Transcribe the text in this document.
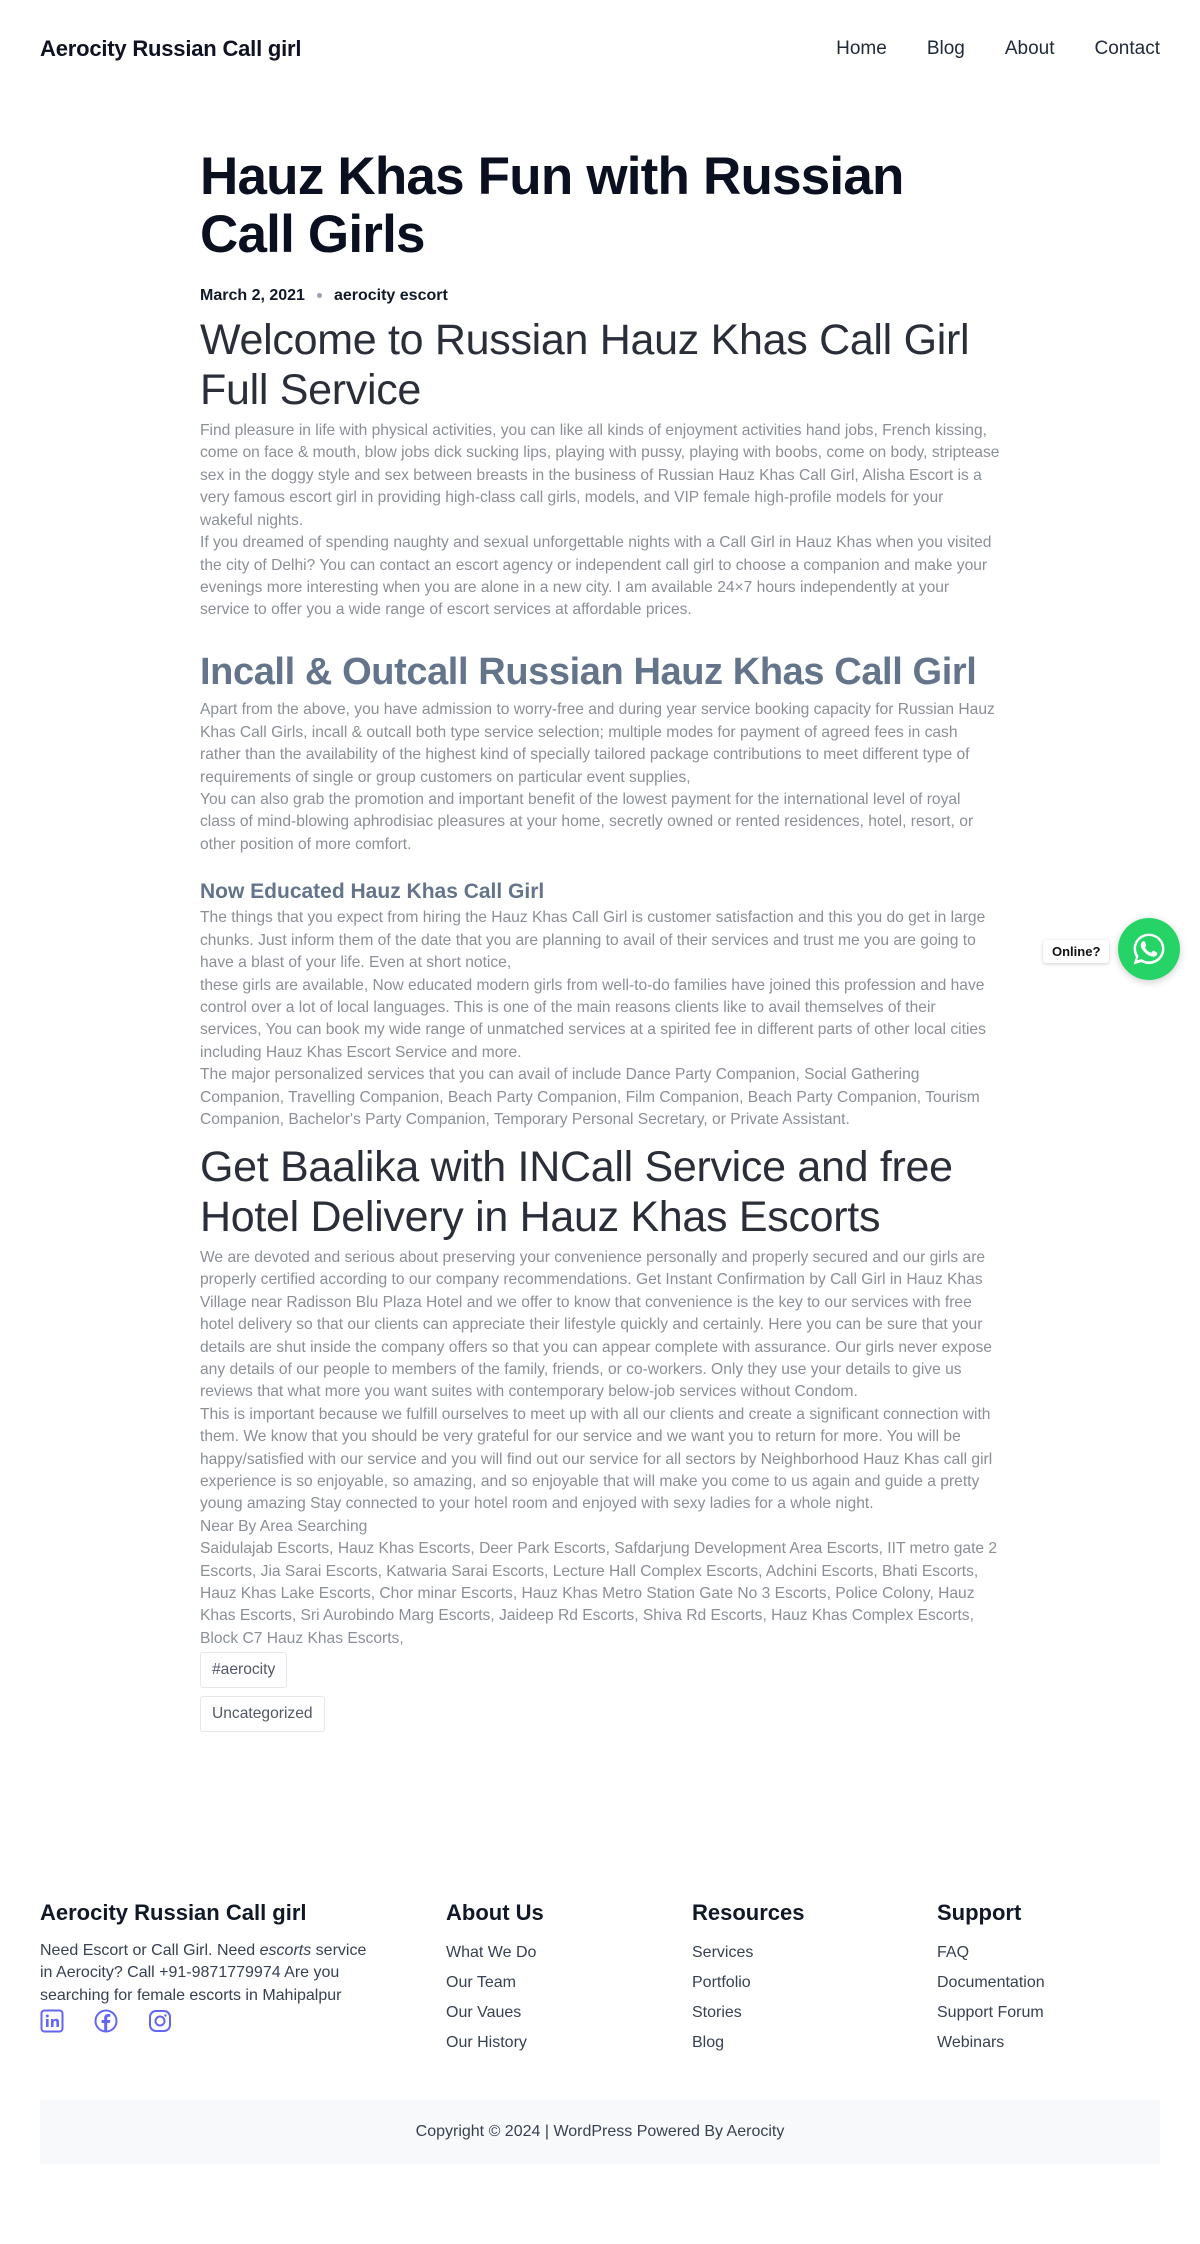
Aerocity Russian Call girl	Home Blog About Contact
Hauz Khas Fun with Russian Call Girls
March 2, 2021 aerocity escort
Welcome to Russian Hauz Khas Call Girl Full Service

Find pleasure in life with physical activities, you can like all kinds of enjoyment activities hand jobs, French kissing, come on face & mouth, blow jobs dick sucking lips, playing with pussy, playing with boobs, come on body, striptease sex in the doggy style and sex between breasts in the business of Russian Hauz Khas Call Girl, Alisha Escort is a very famous escort girl in providing high-class call girls, models, and VIP female high-profile models for your wakeful nights.

If you dreamed of spending naughty and sexual unforgettable nights with a Call Girl in Hauz Khas when you visited the city of Delhi? You can contact an escort agency or independent call girl to choose a companion and make your evenings more interesting when you are alone in a new city. I am available 24×7 hours independently at your service to offer you a wide range of escort services at affordable prices.

Incall & Outcall Russian Hauz Khas Call Girl

Apart from the above, you have admission to worry-free and during year service booking capacity for Russian Hauz Khas Call Girls, incall & outcall both type service selection; multiple modes for payment of agreed fees in cash rather than the availability of the highest kind of specially tailored package contributions to meet different type of requirements of single or group customers on particular event supplies,

You can also grab the promotion and important benefit of the lowest payment for the international level of royal class of mind-blowing aphrodisiac pleasures at your home, secretly owned or rented residences, hotel, resort, or other position of more comfort.

Now Educated Hauz Khas Call Girl

The things that you expect from hiring the Hauz Khas Call Girl is customer satisfaction and this you do get in large chunks. Just inform them of the date that you are planning to avail of their services and trust me you are going to have a blast of your life. Even at short notice,

these girls are available, Now educated modern girls from well-to-do families have joined this profession and have control over a lot of local languages. This is one of the main reasons clients like to avail themselves of their services, You can book my wide range of unmatched services at a spirited fee in different parts of other local cities including Hauz Khas Escort Service and more.

The major personalized services that you can avail of include Dance Party Companion, Social Gathering Companion, Travelling Companion, Beach Party Companion, Film Companion, Beach Party Companion, Tourism Companion, Bachelor's Party Companion, Temporary Personal Secretary, or Private Assistant.

Get Baalika with INCall Service and free Hotel Delivery in Hauz Khas Escorts

We are devoted and serious about preserving your convenience personally and properly secured and our girls are properly certified according to our company recommendations. Get Instant Confirmation by Call Girl in Hauz Khas Village near Radisson Blu Plaza Hotel and we offer to know that convenience is the key to our services with free hotel delivery so that our clients can appreciate their lifestyle quickly and certainly. Here you can be sure that your details are shut inside the company offers so that you can appear complete with assurance. Our girls never expose any details of our people to members of the family, friends, or co-workers. Only they use your details to give us reviews that what more you want suites with contemporary below-job services without Condom.

This is important because we fulfill ourselves to meet up with all our clients and create a significant connection with them. We know that you should be very grateful for our service and we want you to return for more. You will be happy/satisfied with our service and you will find out our service for all sectors by Neighborhood Hauz Khas call girl experience is so enjoyable, so amazing, and so enjoyable that will make you come to us again and guide a pretty young amazing Stay connected to your hotel room and enjoyed with sexy ladies for a whole night.

Near By Area Searching

Saidulajab Escorts, Hauz Khas Escorts, Deer Park Escorts, Safdarjung Development Area Escorts, IIT metro gate 2 Escorts, Jia Sarai Escorts, Katwaria Sarai Escorts, Lecture Hall Complex Escorts, Adchini Escorts, Bhati Escorts, Hauz Khas Lake Escorts, Chor minar Escorts, Hauz Khas Metro Station Gate No 3 Escorts, Police Colony, Hauz Khas Escorts, Sri Aurobindo Marg Escorts, Jaideep Rd Escorts, Shiva Rd Escorts, Hauz Khas Complex Escorts, Block C7 Hauz Khas Escorts,

#aerocity
Uncategorized
Online?
Aerocity Russian Call girl
Need Escort or Call Girl. Need escorts service in Aerocity? Call +91-9871779974 Are you searching for female escorts in Mahipalpur
About Us
What We Do
Our Team
Our Vaues
Our History
Resources
Services
Portfolio
Stories
Blog
Support
FAQ
Documentation
Support Forum
Webinars
Copyright © 2024 | WordPress Powered By Aerocity
